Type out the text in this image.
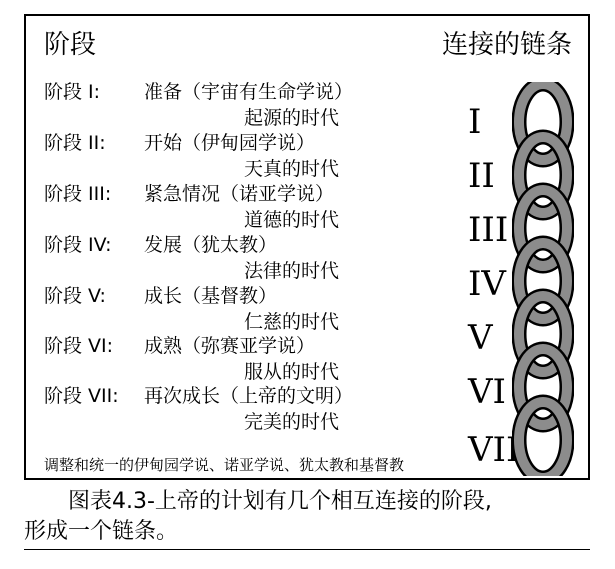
阶段	连接的链条
阶段 I: 准备（宇宙有生命学说）
起源的时代
阶段 II: 开始（伊甸园学说）
天真的时代
阶段 III: 紧急情况（诺亚学说）
道德的时代
阶段 IV: 发展（犹太教）
法律的时代
阶段 V: 成长（基督教）
仁慈的时代
阶段 VI: 成熟（弥赛亚学说）
服从的时代
阶段 VII: 再次成长（上帝的文明）
完美的时代
I
II
III
IV
V
VI
VII
调整和统一的伊甸园学说、诺亚学说、犹太教和基督教
图表4.3-上帝的计划有几个相互连接的阶段,
形成一个链条。
